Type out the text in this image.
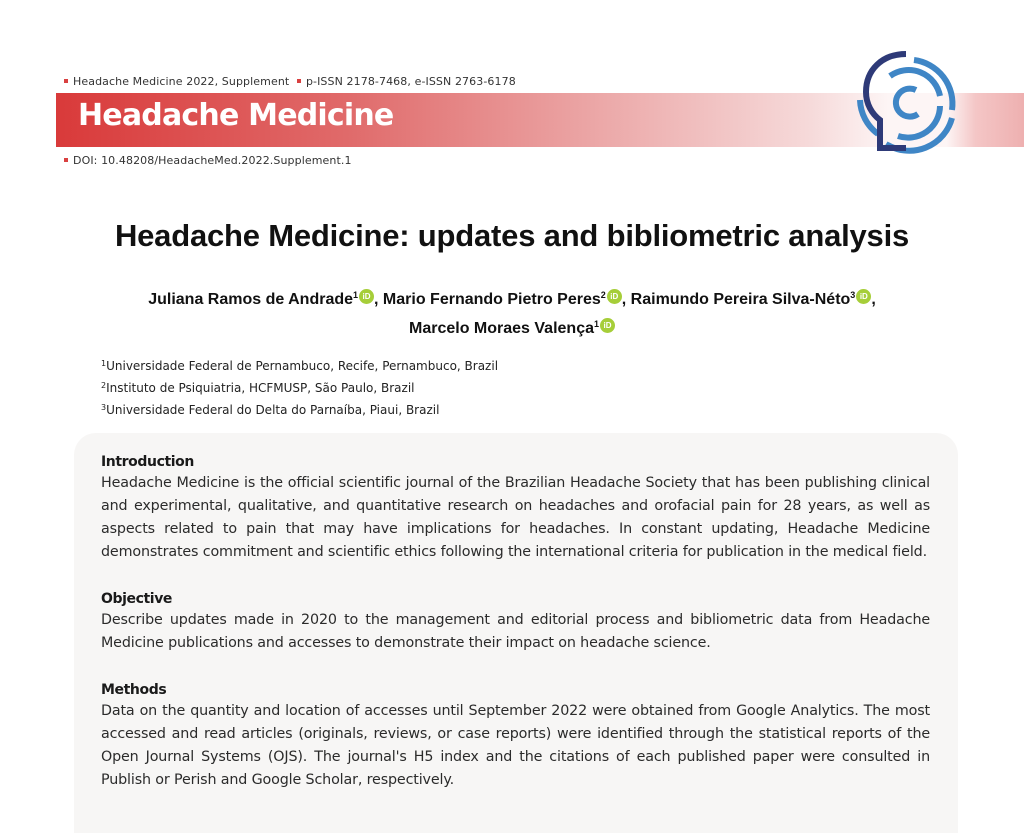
Headache Medicine 2022, Supplement p-ISSN 2178-7468, e-ISSN 2763-6178
Headache Medicine
DOI: 10.48208/HeadacheMed.2022.Supplement.1
Headache Medicine: updates and bibliometric analysis
Juliana Ramos de Andrade$^1$ iD , Mario Fernando Pietro Peres$^2$ iD , Raimundo Pereira Silva-Néto$^3$ iD ,
Marcelo Moraes Valença$^1$ iD
$^1$Universidade Federal de Pernambuco, Recife, Pernambuco, Brazil
$^2$Instituto de Psiquiatria, HCFMUSP, São Paulo, Brazil
$^3$Universidade Federal do Delta do Parnaíba, Piaui, Brazil
Introduction

Headache Medicine is the official scientific journal of the Brazilian Headache Society that has been publishing clinical and experimental, qualitative, and quantitative research on headaches and orofacial pain for 28 years, as well as aspects related to pain that may have implications for headaches. In constant updating, Headache Medicine demonstrates commitment and scientific ethics following the international criteria for publication in the medical field.

Objective

Describe updates made in 2020 to the management and editorial process and bibliometric data from Headache Medicine publications and accesses to demonstrate their impact on headache science.

Methods

Data on the quantity and location of accesses until September 2022 were obtained from Google Analytics. The most accessed and read articles (originals, reviews, or case reports) were identified through the statistical reports of the Open Journal Systems (OJS). The journal's H5 index and the citations of each published paper were consulted in Publish or Perish and Google Scholar, respectively.
